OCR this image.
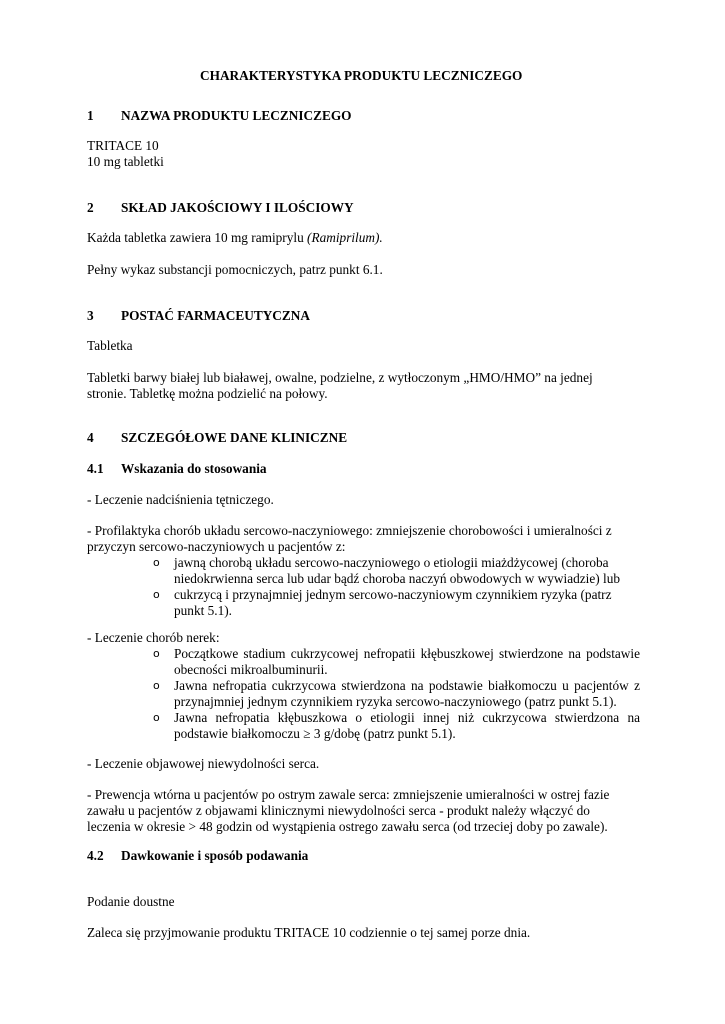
CHARAKTERYSTYKA PRODUKTU LECZNICZEGO
1 NAZWA PRODUKTU LECZNICZEGO
TRITACE 10
10 mg tabletki
2 SKŁAD JAKOŚCIOWY I ILOŚCIOWY
Każda tabletka zawiera 10 mg ramiprylu (Ramiprilum).
Pełny wykaz substancji pomocniczych, patrz punkt 6.1.
3 POSTAĆ FARMACEUTYCZNA
Tabletka
Tabletki barwy białej lub białawej, owalne, podzielne, z wytłoczonym „HMO/HMO” na jednej
stronie. Tabletkę można podzielić na połowy.
4 SZCZEGÓŁOWE DANE KLINICZNE
4.1 Wskazania do stosowania
- Leczenie nadciśnienia tętniczego.
- Profilaktyka chorób układu sercowo-naczyniowego: zmniejszenie chorobowości i umieralności z
przyczyn sercowo-naczyniowych u pacjentów z:
o jawną chorobą układu sercowo-naczyniowego o etiologii miażdżycowej (choroba
niedokrwienna serca lub udar bądź choroba naczyń obwodowych w wywiadzie) lub
o cukrzycą i przynajmniej jednym sercowo-naczyniowym czynnikiem ryzyka (patrz
punkt 5.1).
- Leczenie chorób nerek:
o Początkowe stadium cukrzycowej nefropatii kłębuszkowej stwierdzone na podstawie
obecności mikroalbuminurii.
o Jawna nefropatia cukrzycowa stwierdzona na podstawie białkomoczu u pacjentów z
przynajmniej jednym czynnikiem ryzyka sercowo-naczyniowego (patrz punkt 5.1).
o Jawna nefropatia kłębuszkowa o etiologii innej niż cukrzycowa stwierdzona na
podstawie białkomoczu ≥ 3 g/dobę (patrz punkt 5.1).
- Leczenie objawowej niewydolności serca.
- Prewencja wtórna u pacjentów po ostrym zawale serca: zmniejszenie umieralności w ostrej fazie
zawału u pacjentów z objawami klinicznymi niewydolności serca - produkt należy włączyć do
leczenia w okresie > 48 godzin od wystąpienia ostrego zawału serca (od trzeciej doby po zawale).
4.2 Dawkowanie i sposób podawania
Podanie doustne
Zaleca się przyjmowanie produktu TRITACE 10 codziennie o tej samej porze dnia.
